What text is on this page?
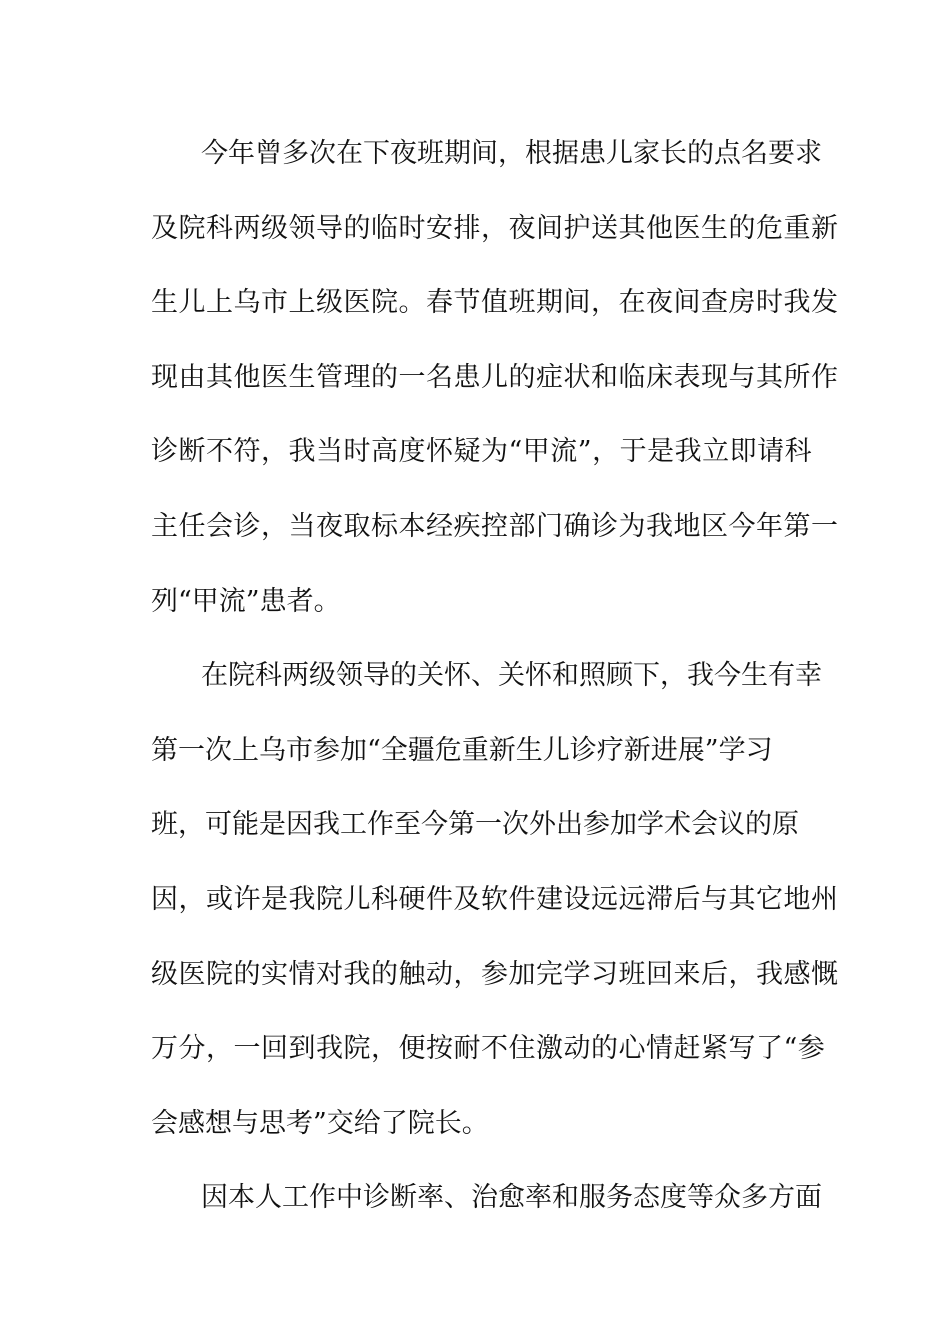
今年曾多次在下夜班期间，根据患儿家长的点名要求
及院科两级领导的临时安排，夜间护送其他医生的危重新
生儿上乌市上级医院。春节值班期间，在夜间查房时我发
现由其他医生管理的一名患儿的症状和临床表现与其所作
诊断不符，我当时高度怀疑为“甲流”，于是我立即请科
主任会诊，当夜取标本经疾控部门确诊为我地区今年第一
列“甲流”患者。
在院科两级领导的关怀、关怀和照顾下，我今生有幸
第一次上乌市参加“全疆危重新生儿诊疗新进展”学习
班，可能是因我工作至今第一次外出参加学术会议的原
因，或许是我院儿科硬件及软件建设远远滞后与其它地州
级医院的实情对我的触动，参加完学习班回来后，我感慨
万分，一回到我院，便按耐不住激动的心情赶紧写了“参
会感想与思考”交给了院长。
因本人工作中诊断率、治愈率和服务态度等众多方面
